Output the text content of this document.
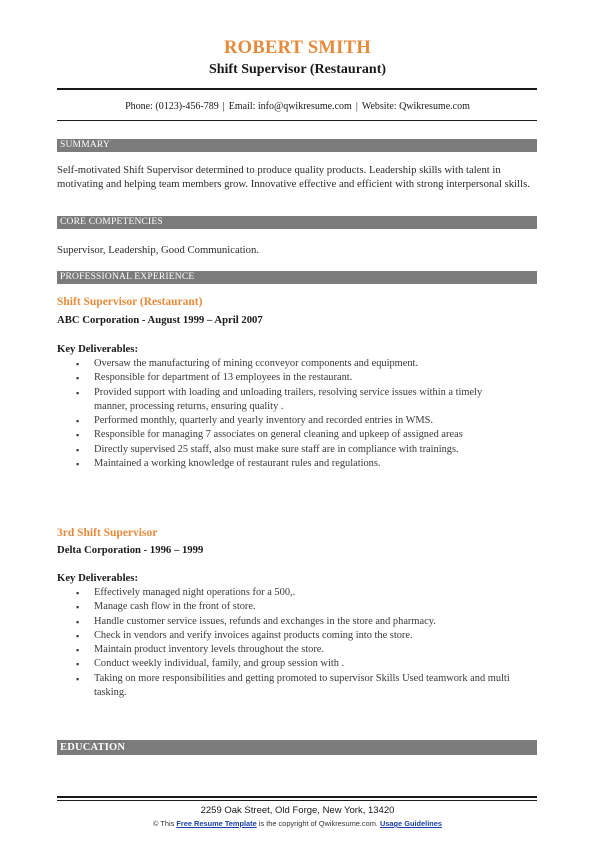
ROBERT SMITH
Shift Supervisor (Restaurant)
Phone: (0123)-456-789 | Email: info@qwikresume.com | Website: Qwikresume.com
SUMMARY
Self-motivated Shift Supervisor determined to produce quality products. Leadership skills with talent in motivating and helping team members grow. Innovative effective and efficient with strong interpersonal skills.
CORE COMPETENCIES
Supervisor, Leadership, Good Communication.
PROFESSIONAL EXPERIENCE
Shift Supervisor (Restaurant)
ABC Corporation - August 1999 – April 2007
Key Deliverables:
▪ Oversaw the manufacturing of mining cconveyor components and equipment.
▪ Responsible for department of 13 employees in the restaurant.
▪ Provided support with loading and unloading trailers, resolving service issues within a timely manner, processing returns, ensuring quality .
▪ Performed monthly, quarterly and yearly inventory and recorded entries in WMS.
▪ Responsible for managing 7 associates on general cleaning and upkeep of assigned areas
▪ Directly supervised 25 staff, also must make sure staff are in compliance with trainings.
▪ Maintained a working knowledge of restaurant rules and regulations.
3rd Shift Supervisor
Delta Corporation - 1996 – 1999
Key Deliverables:
▪ Effectively managed night operations for a 500,.
▪ Manage cash flow in the front of store.
▪ Handle customer service issues, refunds and exchanges in the store and pharmacy.
▪ Check in vendors and verify invoices against products coming into the store.
▪ Maintain product inventory levels throughout the store.
▪ Conduct weekly individual, family, and group session with .
▪ Taking on more responsibilities and getting promoted to supervisor Skills Used teamwork and multi tasking.
EDUCATION
2259 Oak Street, Old Forge, New York, 13420
© This Free Resume Template is the copyright of Qwikresume.com. Usage Guidelines
